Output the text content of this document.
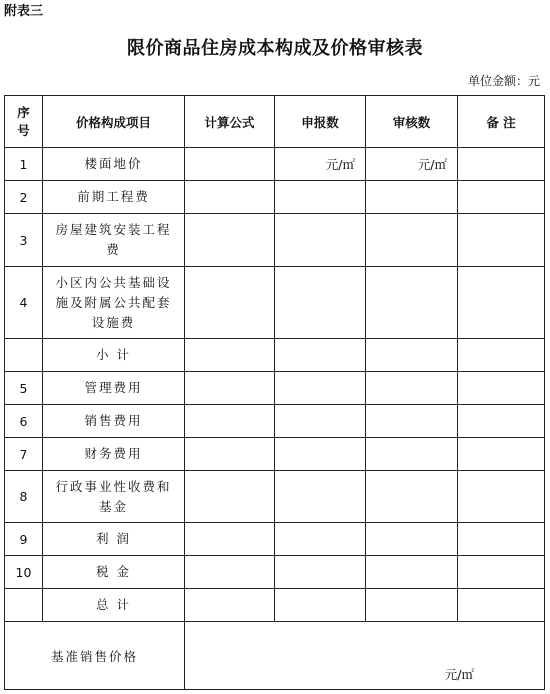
附表三
限价商品住房成本构成及价格审核表
单位金额：元
序号	价格构成项目	计算公式	申报数	审核数	备 注
1	楼面地价		元/㎡	元/㎡	
2	前期工程费				
3	房屋建筑安装工程费				
4	小区内公共基础设施及附属公共配套设施费				
	小 计				
5	管理费用				
6	销售费用				
7	财务费用				
8	行政事业性收费和基金				
9	利 润				
10	税 金				
	总 计				
基准销售价格		元/㎡			
